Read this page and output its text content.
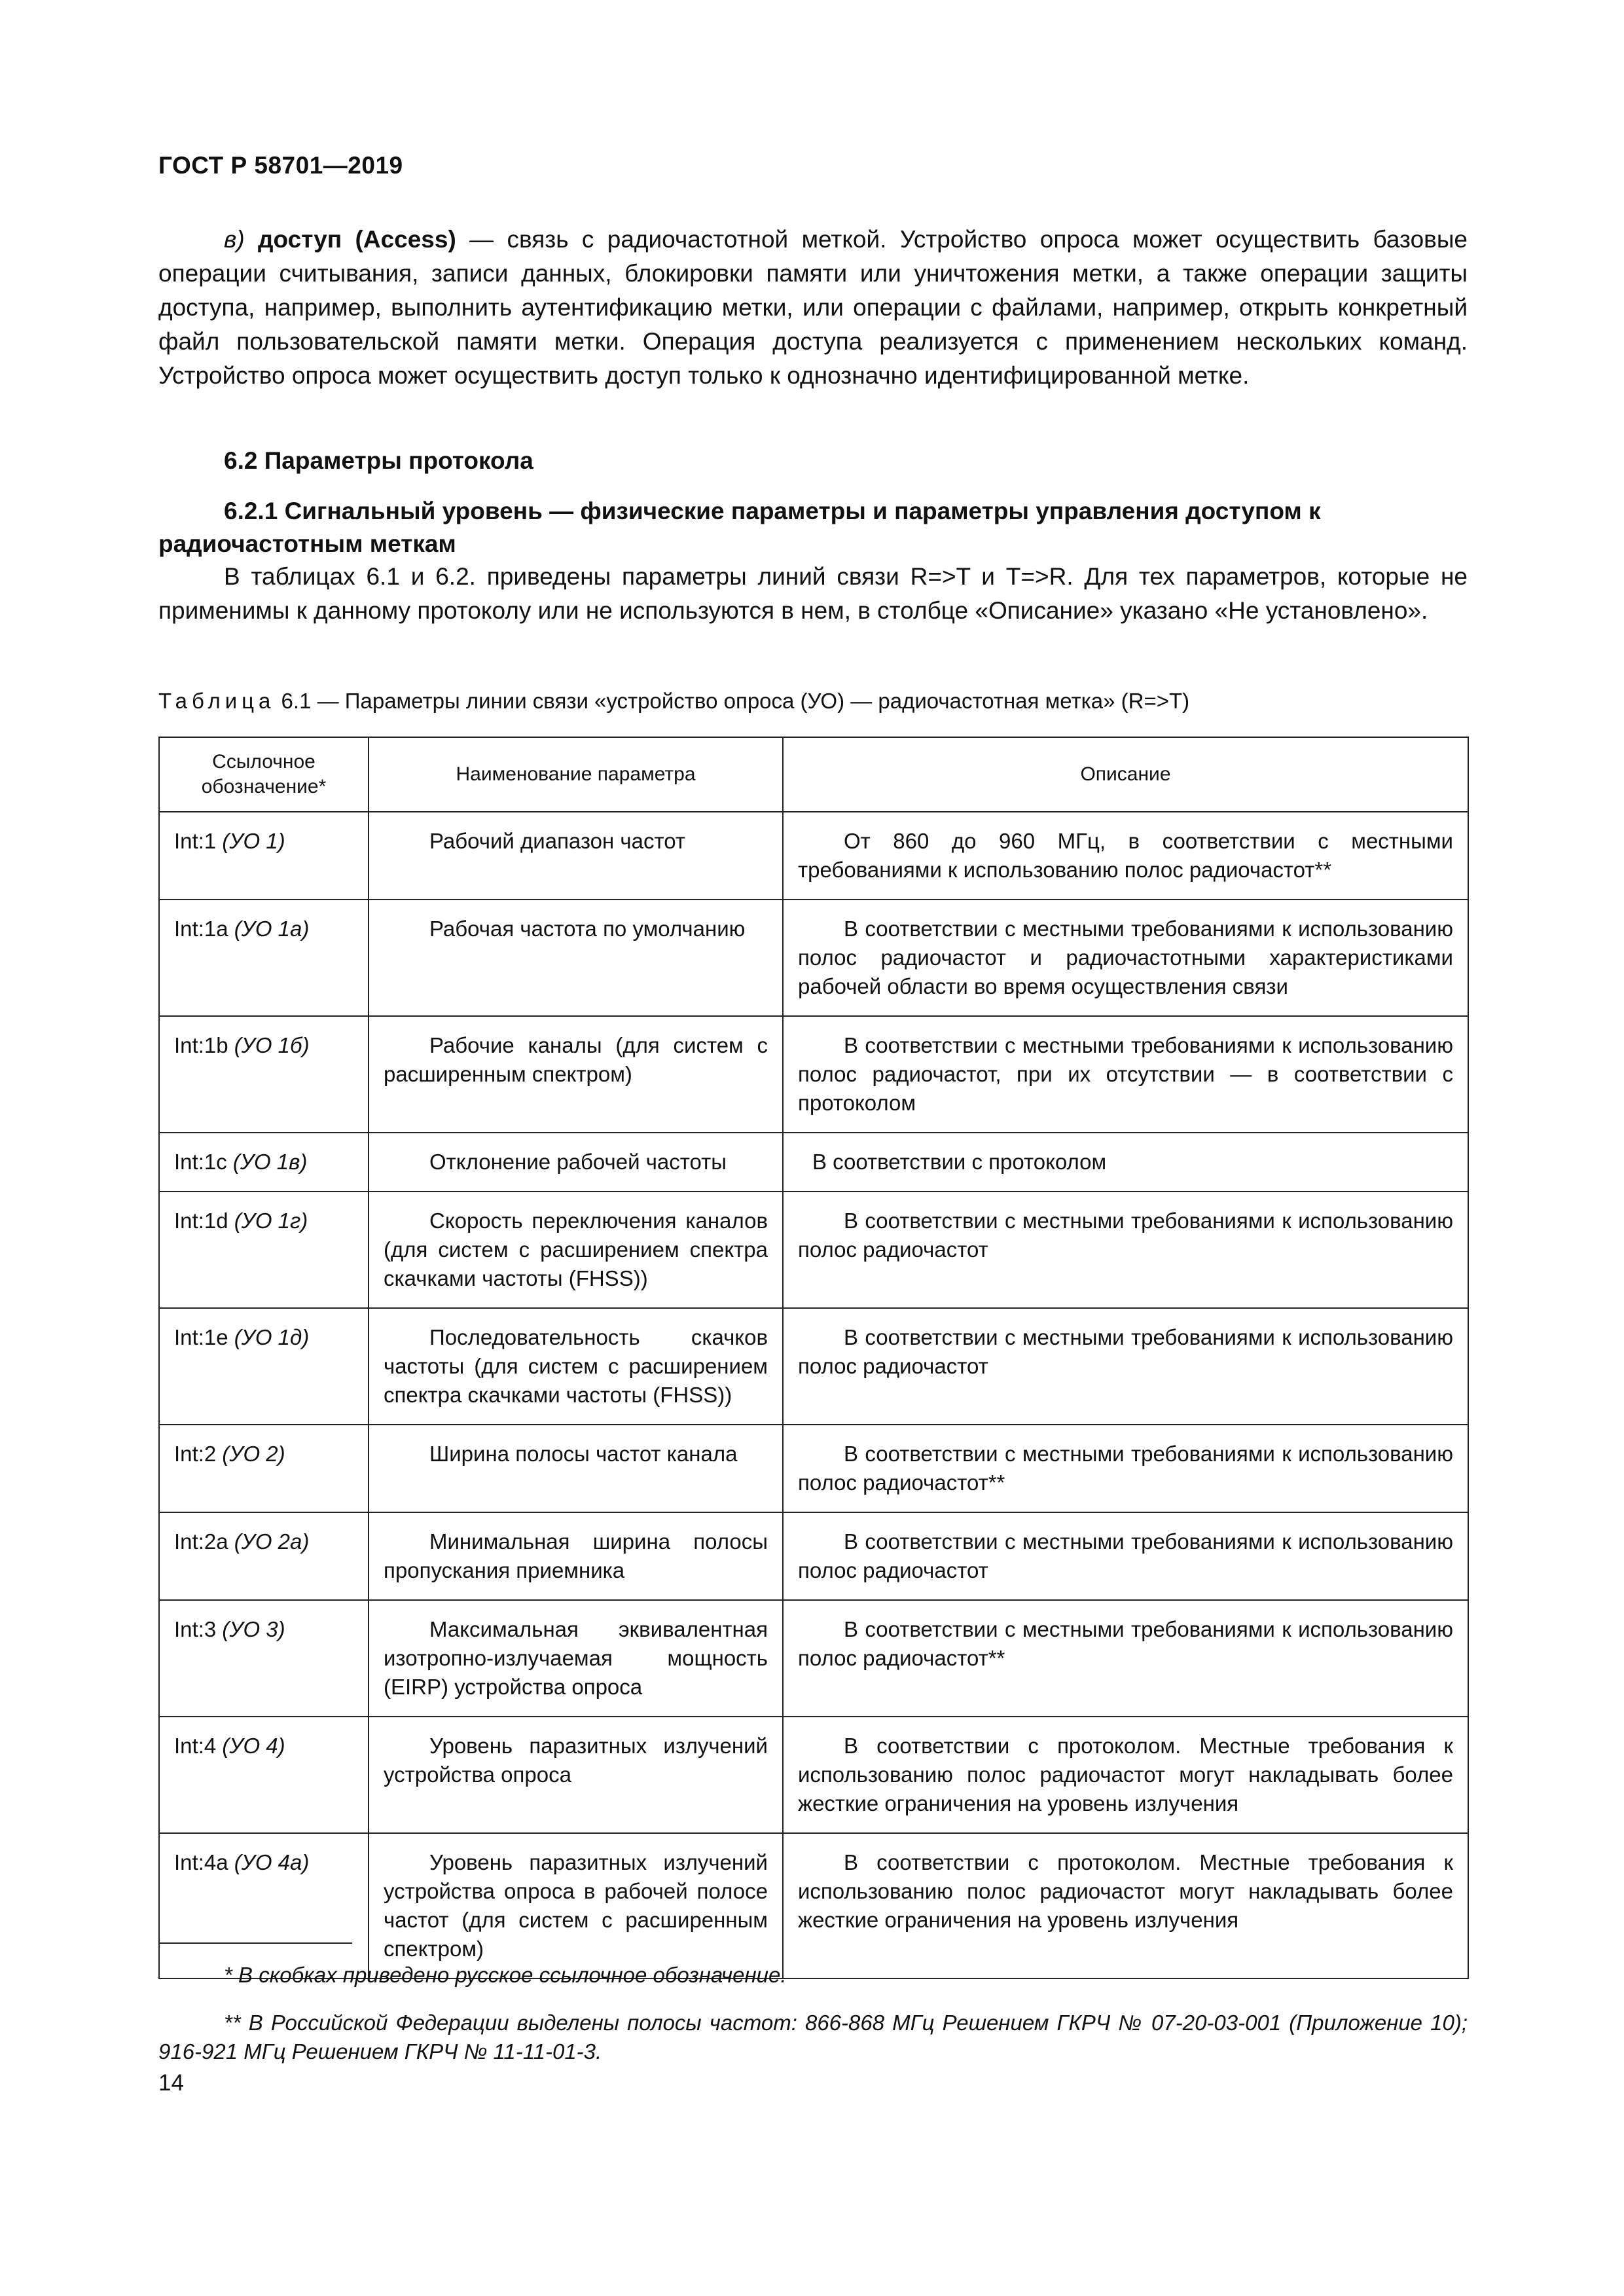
ГОСТ Р 58701—2019
в) доступ (Access) — связь с радиочастотной меткой. Устройство опроса может осуществить базовые операции считывания, записи данных, блокировки памяти или уничтожения метки, а также операции защиты доступа, например, выполнить аутентификацию метки, или операции с файлами, например, открыть конкретный файл пользовательской памяти метки. Операция доступа реализуется с применением нескольких команд. Устройство опроса может осуществить доступ только к однозначно идентифицированной метке.
6.2 Параметры протокола
6.2.1 Сигнальный уровень — физические параметры и параметры управления доступом к радиочастотным меткам
В таблицах 6.1 и 6.2. приведены параметры линий связи R=>T и T=>R. Для тех параметров, которые не применимы к данному протоколу или не используются в нем, в столбце «Описание» указано «Не установлено».
Таблица 6.1 — Параметры линии связи «устройство опроса (УО) — радиочастотная метка» (R=>T)
Ссылочное обозначение*	Наименование параметра	Описание
Int:1 (УО 1)	Рабочий диапазон частот	От 860 до 960 МГц, в соответствии с местными требованиями к использованию полос радиочастот**
Int:1a (УО 1а)	Рабочая частота по умолчанию	В соответствии с местными требованиями к использованию полос радиочастот и радиочастотными характеристиками рабочей области во время осуществления связи
Int:1b (УО 1б)	Рабочие каналы (для систем с расширенным спектром)	В соответствии с местными требованиями к использованию полос радиочастот, при их отсутствии — в соответствии с протоколом
Int:1c (УО 1в)	Отклонение рабочей частоты	В соответствии с протоколом
Int:1d (УО 1г)	Скорость переключения каналов (для систем с расширением спектра скачками частоты (FHSS))	В соответствии с местными требованиями к использованию полос радиочастот
Int:1e (УО 1д)	Последовательность скачков частоты (для систем с расширением спектра скачками частоты (FHSS))	В соответствии с местными требованиями к использованию полос радиочастот
Int:2 (УО 2)	Ширина полосы частот канала	В соответствии с местными требованиями к использованию полос радиочастот**
Int:2a (УО 2а)	Минимальная ширина полосы пропускания приемника	В соответствии с местными требованиями к использованию полос радиочастот
Int:3 (УО 3)	Максимальная эквивалентная изотропно-излучаемая мощность (EIRP) устройства опроса	В соответствии с местными требованиями к использованию полос радиочастот**
Int:4 (УО 4)	Уровень паразитных излучений устройства опроса	В соответствии с протоколом. Местные требования к использованию полос радиочастот могут накладывать более жесткие ограничения на уровень излучения
Int:4a (УО 4а)	Уровень паразитных излучений устройства опроса в рабочей полосе частот (для систем с расширенным спектром)	В соответствии с протоколом. Местные требования к использованию полос радиочастот могут накладывать более жесткие ограничения на уровень излучения
* В скобках приведено русское ссылочное обозначение.
** В Российской Федерации выделены полосы частот: 866-868 МГц Решением ГКРЧ № 07-20-03-001 (Приложение 10); 916-921 МГц Решением ГКРЧ № 11-11-01-3.
14
